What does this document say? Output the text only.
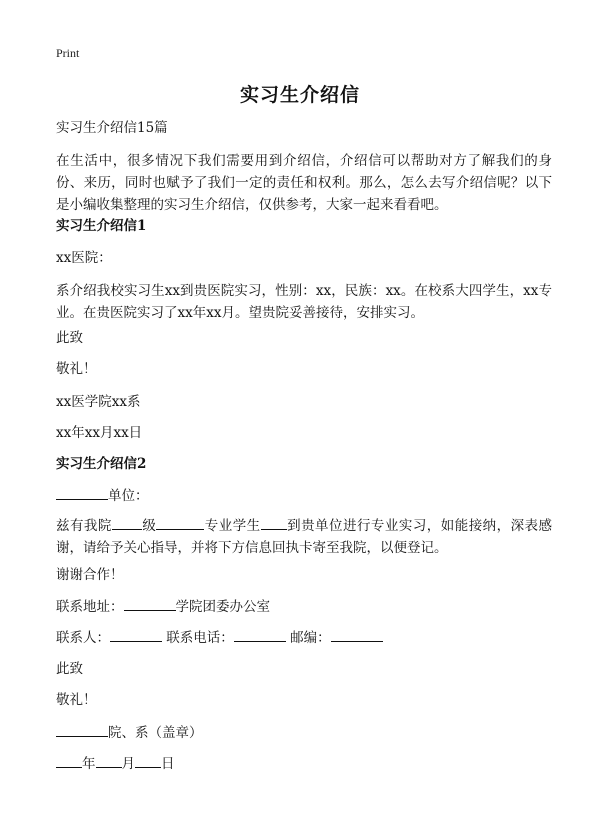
Print
实习生介绍信
实习生介绍信15篇
在生活中，很多情况下我们需要用到介绍信，介绍信可以帮助对方了解我们的身份、来历，同时也赋予了我们一定的责任和权利。那么，怎么去写介绍信呢？以下是小编收集整理的实习生介绍信，仅供参考，大家一起来看看吧。
实习生介绍信1
xx医院：
系介绍我校实习生xx到贵医院实习，性别：xx，民族：xx。在校系大四学生，xx专业。在贵医院实习了xx年xx月。望贵院妥善接待，安排实习。
此致
敬礼！
xx医学院xx系
xx年xx月xx日
实习生介绍信2
单位：
兹有我院 级	专业学生 到贵单位进行专业实习，如能接纳，深表感谢，请给予关心指导，并将下方信息回执卡寄至我院，以便登记。
谢谢合作！
联系地址：	学院团委办公室
联系人：	联系电话：	邮编：
此致
敬礼！
院、系（盖章）
年 月 日
